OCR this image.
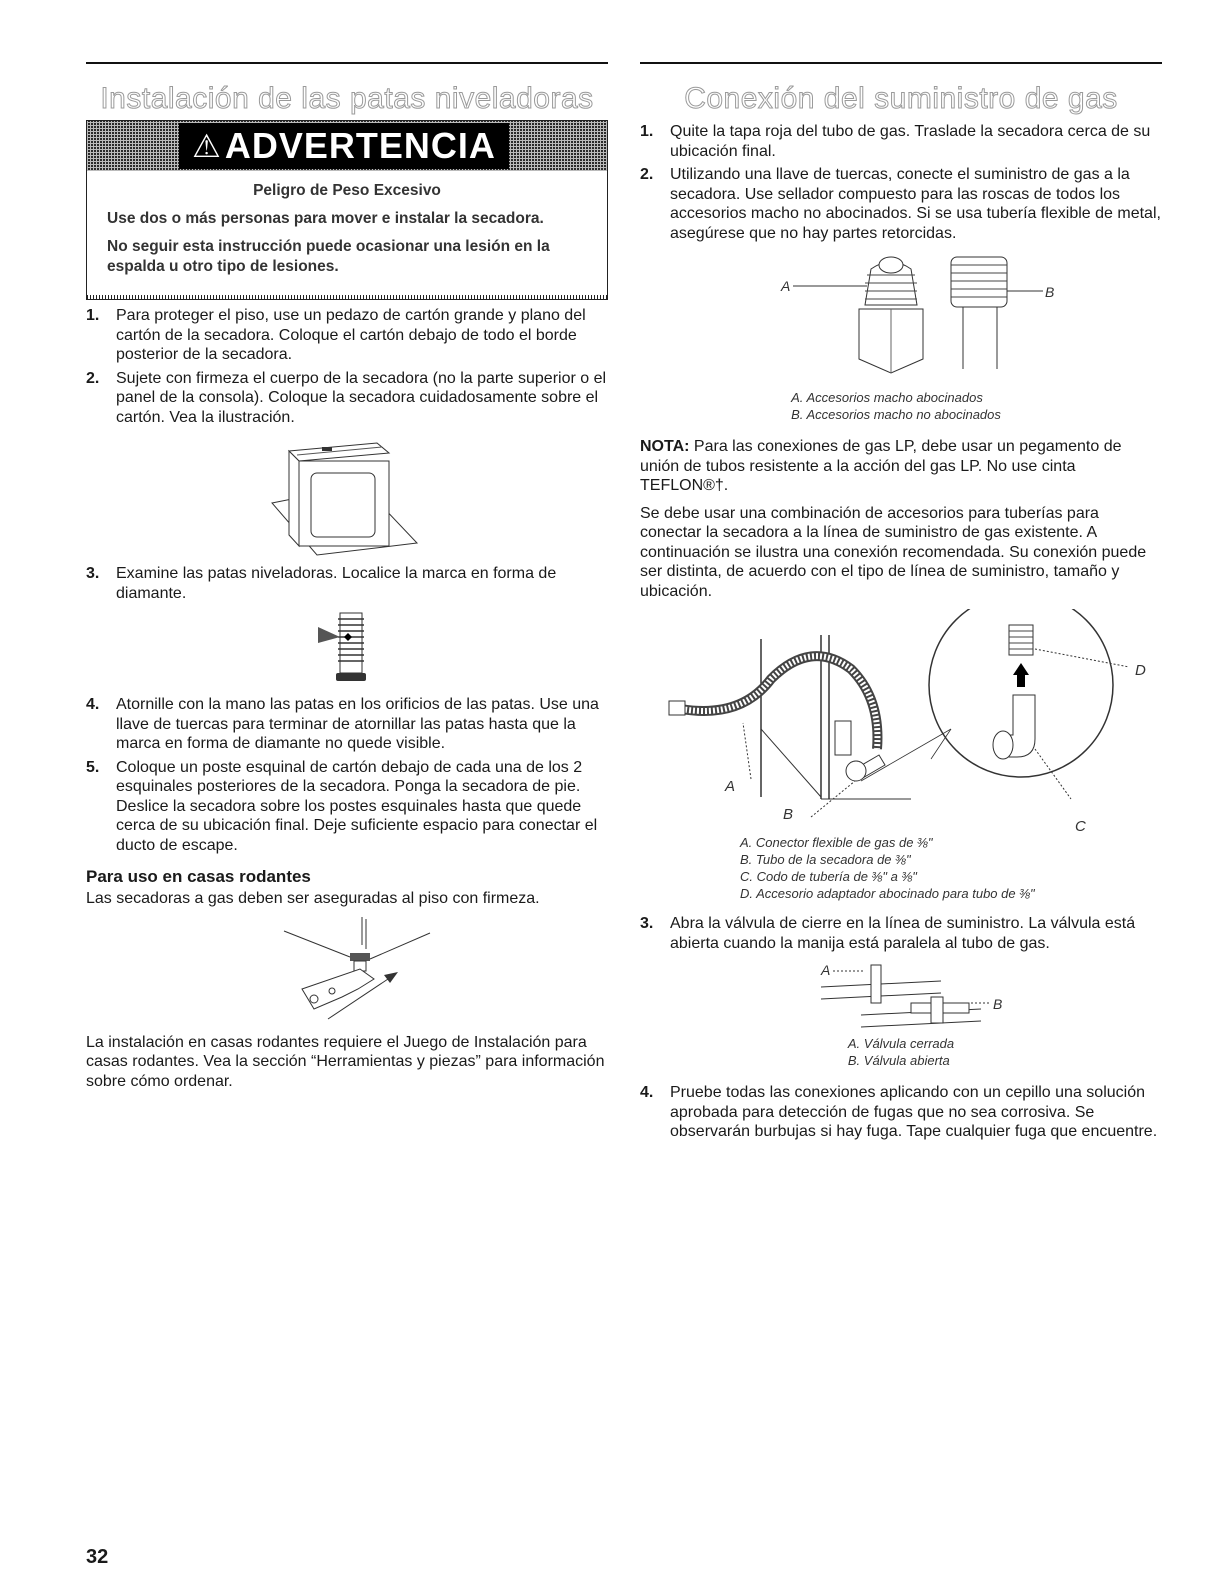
Instalación de las patas niveladoras
⚠ ADVERTENCIA
Peligro de Peso Excesivo

Use dos o más personas para mover e instalar la secadora.

No seguir esta instrucción puede ocasionar una lesión en la espalda u otro tipo de lesiones.

1. Para proteger el piso, use un pedazo de cartón grande y plano del cartón de la secadora. Coloque el cartón debajo de todo el borde posterior de la secadora.
2. Sujete con firmeza el cuerpo de la secadora (no la parte superior o el panel de la consola). Coloque la secadora cuidadosamente sobre el cartón. Vea la ilustración.
3. Examine las patas niveladoras. Localice la marca en forma de diamante.
4. Atornille con la mano las patas en los orificios de las patas. Use una llave de tuercas para terminar de atornillar las patas hasta que la marca en forma de diamante no quede visible.
5. Coloque un poste esquinal de cartón debajo de cada una de los 2 esquinales posteriores de la secadora. Ponga la secadora de pie. Deslice la secadora sobre los postes esquinales hasta que quede cerca de su ubicación final. Deje suficiente espacio para conectar el ducto de escape.
Para uso en casas rodantes

Las secadoras a gas deben ser aseguradas al piso con firmeza.

La instalación en casas rodantes requiere el Juego de Instalación para casas rodantes. Vea la sección “Herramientas y piezas” para información sobre cómo ordenar.

Conexión del suministro de gas
1. Quite la tapa roja del tubo de gas. Traslade la secadora cerca de su ubicación final.
2. Utilizando una llave de tuercas, conecte el suministro de gas a la secadora. Use sellador compuesto para las roscas de todos los accesorios macho no abocinados. Si se usa tubería flexible de metal, asegúrese que no hay partes retorcidas.
A	B
A. Accesorios macho abocinados
B. Accesorios macho no abocinados

NOTA: Para las conexiones de gas LP, debe usar un pegamento de unión de tubos resistente a la acción del gas LP. No use cinta TEFLON®†.

Se debe usar una combinación de accesorios para tuberías para conectar la secadora a la línea de suministro de gas existente. A continuación se ilustra una conexión recomendada. Su conexión puede ser distinta, de acuerdo con el tipo de línea de suministro, tamaño y ubicación.

A
B
C
D
A. Conector flexible de gas de ⅜"
B. Tubo de la secadora de ⅜"
C. Codo de tubería de ⅜" a ⅜"
D. Accesorio adaptador abocinado para tubo de ⅜"
3. Abra la válvula de cierre en la línea de suministro. La válvula está abierta cuando la manija está paralela al tubo de gas.
A
B
A. Válvula cerrada
B. Válvula abierta
4. Pruebe todas las conexiones aplicando con un cepillo una solución aprobada para detección de fugas que no sea corrosiva. Se observarán burbujas si hay fuga. Tape cualquier fuga que encuentre.
32
